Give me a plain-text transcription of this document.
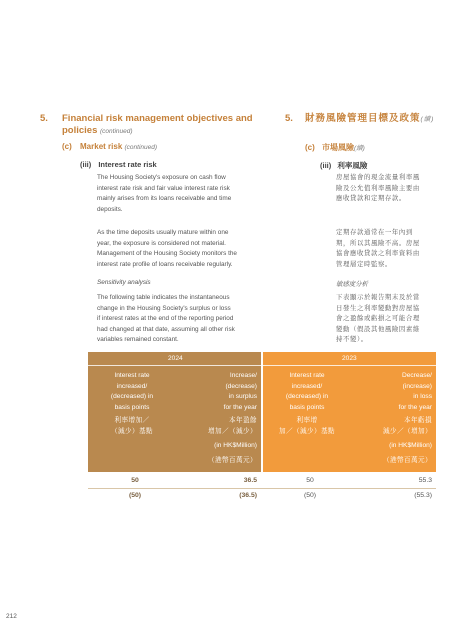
5. Financial risk management objectives and
policies (continued)
(c) Market risk (continued)
(iii) Interest rate risk
The Housing Society's exposure on cash flow
interest rate risk and fair value interest rate risk
mainly arises from its loans receivable and time
deposits.
As the time deposits usually mature within one
year, the exposure is considered not material.
Management of the Housing Society monitors the
interest rate profile of loans receivable regularly.
Sensitivity analysis
The following table indicates the instantaneous
change in the Housing Society's surplus or loss
if interest rates at the end of the reporting period
had changed at that date, assuming all other risk
variables remained constant.
5. 財務風險管理目標及政策(續)
(c) 市場風險(續)
(iii) 利率風險
房屋協會的現金流量利率風
險及公允值利率風險主要由
應收貸款和定期存款。
定期存款通常在一年內到
期，所以其風險不高。房屋
協會應收貸款之利率資料由
管理層定時監察。
敏感度分析
下表顯示於報告期末及於當
日發生之利率變動對房屋協
會之盈餘或虧損之可能合理
變動（假設其他風險因素維
持不變）。
2024
Interest rate
increased/
(decreased) in
basis points
利率增加／
（減少）基點
Increase/
(decrease)
in surplus
for the year
本年盈餘
增加／（減少）
(in HK$Million)
（港幣百萬元）
2023
Interest rate
increased/
(decreased) in
basis points
利率增
加／（減少）基點
Decrease/
(increase)
in loss
for the year
本年虧損
減少／（增加）
(in HK$Million)
（港幣百萬元）
50	36.5	50	55.3
(50)	(36.5)	(50)	(55.3)
212
